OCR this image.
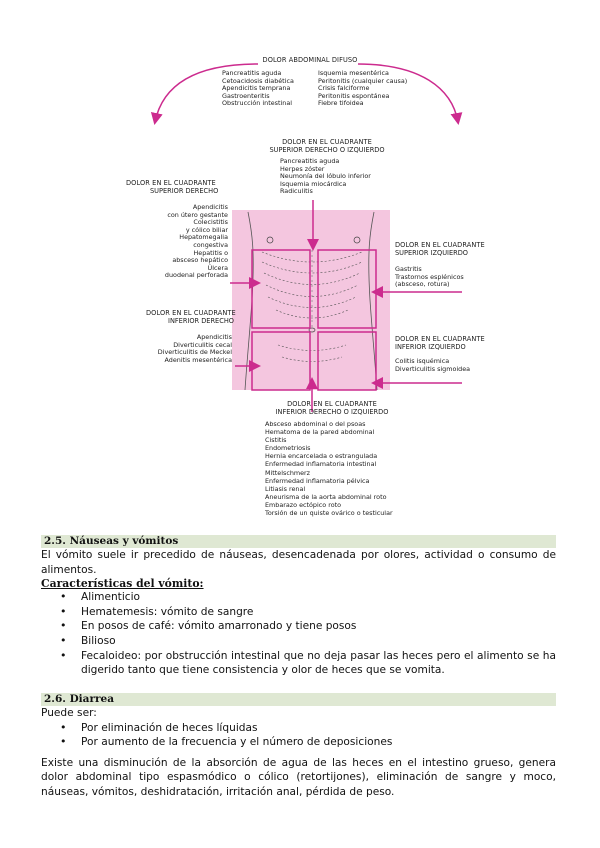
DOLOR ABDOMINAL DIFUSO
Pancreatitis aguda
Cetoacidosis diabética
Apendicitis temprana
Gastroenteritis
Obstrucción intestinal
Isquemia mesentérica
Peritonitis (cualquier causa)
Crisis falciforme
Peritonitis espontánea
Fiebre tifoidea
DOLOR EN EL CUADRANTE
SUPERIOR DERECHO O IZQUIERDO
Pancreatitis aguda
Herpes zóster
Neumonía del lóbulo inferior
Isquemia miocárdica
Radiculitis
DOLOR EN EL CUADRANTE
SUPERIOR DERECHO
Apendicitis
con útero gestante
Colecistitis
y cólico biliar
Hepatomegalia
congestiva
Hepatitis o
absceso hepático
Úlcera
duodenal perforada
DOLOR EN EL CUADRANTE
SUPERIOR IZQUIERDO
Gastritis
Trastornos esplénicos
(absceso, rotura)
DOLOR EN EL CUADRANTE
INFERIOR DERECHO
Apendicitis
Diverticulitis cecal
Diverticulitis de Meckel
Adenitis mesentérica
DOLOR EN EL CUADRANTE
INFERIOR IZQUIERDO
Colitis isquémica
Diverticulitis sigmoidea
DOLOR EN EL CUADRANTE
INFERIOR DERECHO O IZQUIERDO
Absceso abdominal o del psoas
Hematoma de la pared abdominal
Cistitis
Endometriosis
Hernia encarcelada o estrangulada
Enfermedad inflamatoria intestinal
Mittelschmerz
Enfermedad inflamatoria pélvica
Litiasis renal
Aneurisma de la aorta abdominal roto
Embarazo ectópico roto
Torsión de un quiste ovárico o testicular
2.5. Náuseas y vómitos
El vómito suele ir precedido de náuseas, desencadenada por olores, actividad o consumo de alimentos.
Características del vómito:
• Alimenticio
• Hematemesis: vómito de sangre
• En posos de café: vómito amarronado y tiene posos
• Bilioso
• Fecaloideo: por obstrucción intestinal que no deja pasar las heces pero el alimento se ha digerido tanto que tiene consistencia y olor de heces que se vomita.
2.6. Diarrea
Puede ser:
• Por eliminación de heces líquidas
• Por aumento de la frecuencia y el número de deposiciones
Existe una disminución de la absorción de agua de las heces en el intestino grueso, genera dolor abdominal tipo espasmódico o cólico (retortijones), eliminación de sangre y moco, náuseas, vómitos, deshidratación, irritación anal, pérdida de peso.
